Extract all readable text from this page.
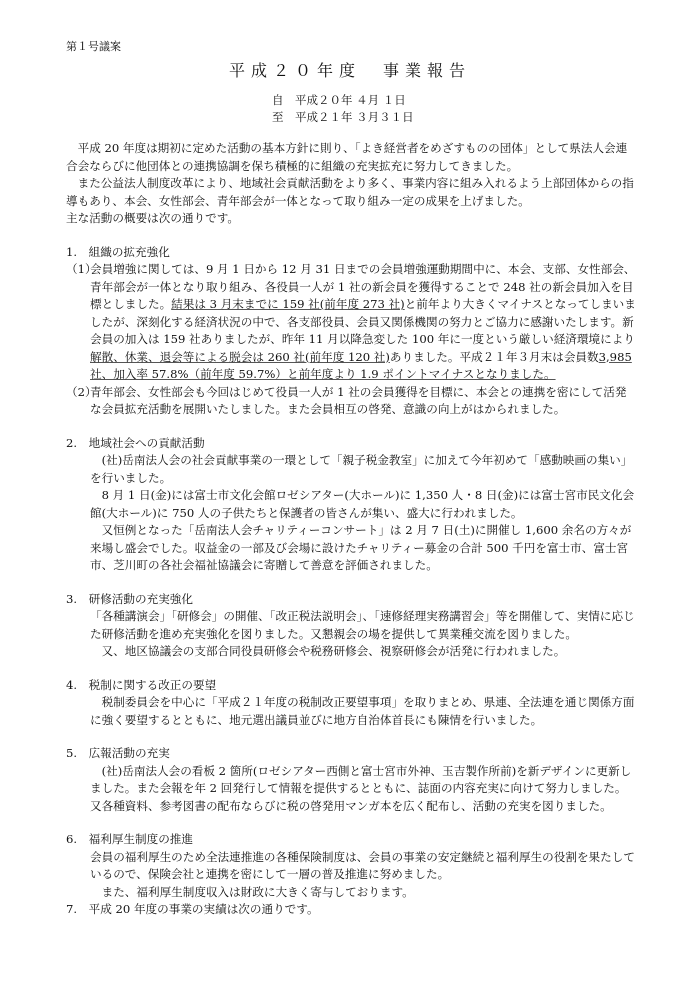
第１号議案
平成２０年度　事業報告
自　平成２０年 ４月 １日
至　平成２１年 ３月３１日

平成 20 年度は期初に定めた活動の基本方針に則り、「よき経営者をめざすものの団体」として県法人会連合会ならびに他団体との連携協調を保ち積極的に組織の充実拡充に努力してきました。

また公益法人制度改革により、地域社会貢献活動をより多く、事業内容に組み入れるよう上部団体からの指導もあり、本会、女性部会、青年部会が一体となって取り組み一定の成果を上げました。

主な活動の概要は次の通りです。

1.　組織の拡充強化

（1）

会員増強に関しては、9 月 1 日から 12 月 31 日までの会員増強運動期間中に、本会、支部、女性部会、青年部会が一体となり取り組み、各役員一人が 1 社の新会員を獲得することで 248 社の新会員加入を目標としました。結果は 3 月末までに 159 社(前年度 273 社)と前年より大きくマイナスとなってしまいましたが、深刻化する経済状況の中で、各支部役員、会員又関係機関の努力とご協力に感謝いたします。新会員の加入は 159 社ありましたが、昨年 11 月以降急変した 100 年に一度という厳しい経済環境により解散、休業、退会等による脱会は 260 社(前年度 120 社)ありました。平成２１年３月末は会員数3,985 社、加入率 57.8%（前年度 59.7%）と前年度より 1.9 ポイントマイナスとなりました。

（2）

青年部会、女性部会も今回はじめて役員一人が 1 社の会員獲得を目標に、本会との連携を密にして活発な会員拡充活動を展開いたしました。また会員相互の啓発、意識の向上がはかられました。

2.　地域社会への貢献活動

(社)岳南法人会の社会貢献事業の一環として「親子税金教室」に加えて今年初めて「感動映画の集い」を行いました。

8 月 1 日(金)には富士市文化会館ロゼシアター(大ホール)に 1,350 人・8 日(金)には富士宮市民文化会館(大ホール)に 750 人の子供たちと保護者の皆さんが集い、盛大に行われました。

又恒例となった「岳南法人会チャリティーコンサート」は 2 月 7 日(土)に開催し 1,600 余名の方々が来場し盛会でした。収益金の一部及び会場に設けたチャリティー募金の合計 500 千円を富士市、富士宮市、芝川町の各社会福祉協議会に寄贈して善意を評価されました。

3.　研修活動の充実強化

「各種講演会」「研修会」の開催、「改正税法説明会」、「速修経理実務講習会」等を開催して、実情に応じた研修活動を進め充実強化を図りました。又懇親会の場を提供して異業種交流を図りました。

又、地区協議会の支部合同役員研修会や税務研修会、視察研修会が活発に行われました。

4.　税制に関する改正の要望

税制委員会を中心に「平成２１年度の税制改正要望事項」を取りまとめ、県連、全法連を通じ関係方面に強く要望するとともに、地元選出議員並びに地方自治体首長にも陳情を行いました。

5.　広報活動の充実

(社)岳南法人会の看板 2 箇所(ロゼシアター西側と富士宮市外神、玉吉製作所前)を新デザインに更新しました。また会報を年 2 回発行して情報を提供するとともに、誌面の内容充実に向けて努力しました。又各種資料、参考図書の配布ならびに税の啓発用マンガ本を広く配布し、活動の充実を図りました。

6.　福利厚生制度の推進

会員の福利厚生のため全法連推進の各種保険制度は、会員の事業の安定継続と福利厚生の役割を果たしているので、保険会社と連携を密にして一層の普及推進に努めました。

また、福利厚生制度収入は財政に大きく寄与しております。

7.　平成 20 年度の事業の実績は次の通りです。
